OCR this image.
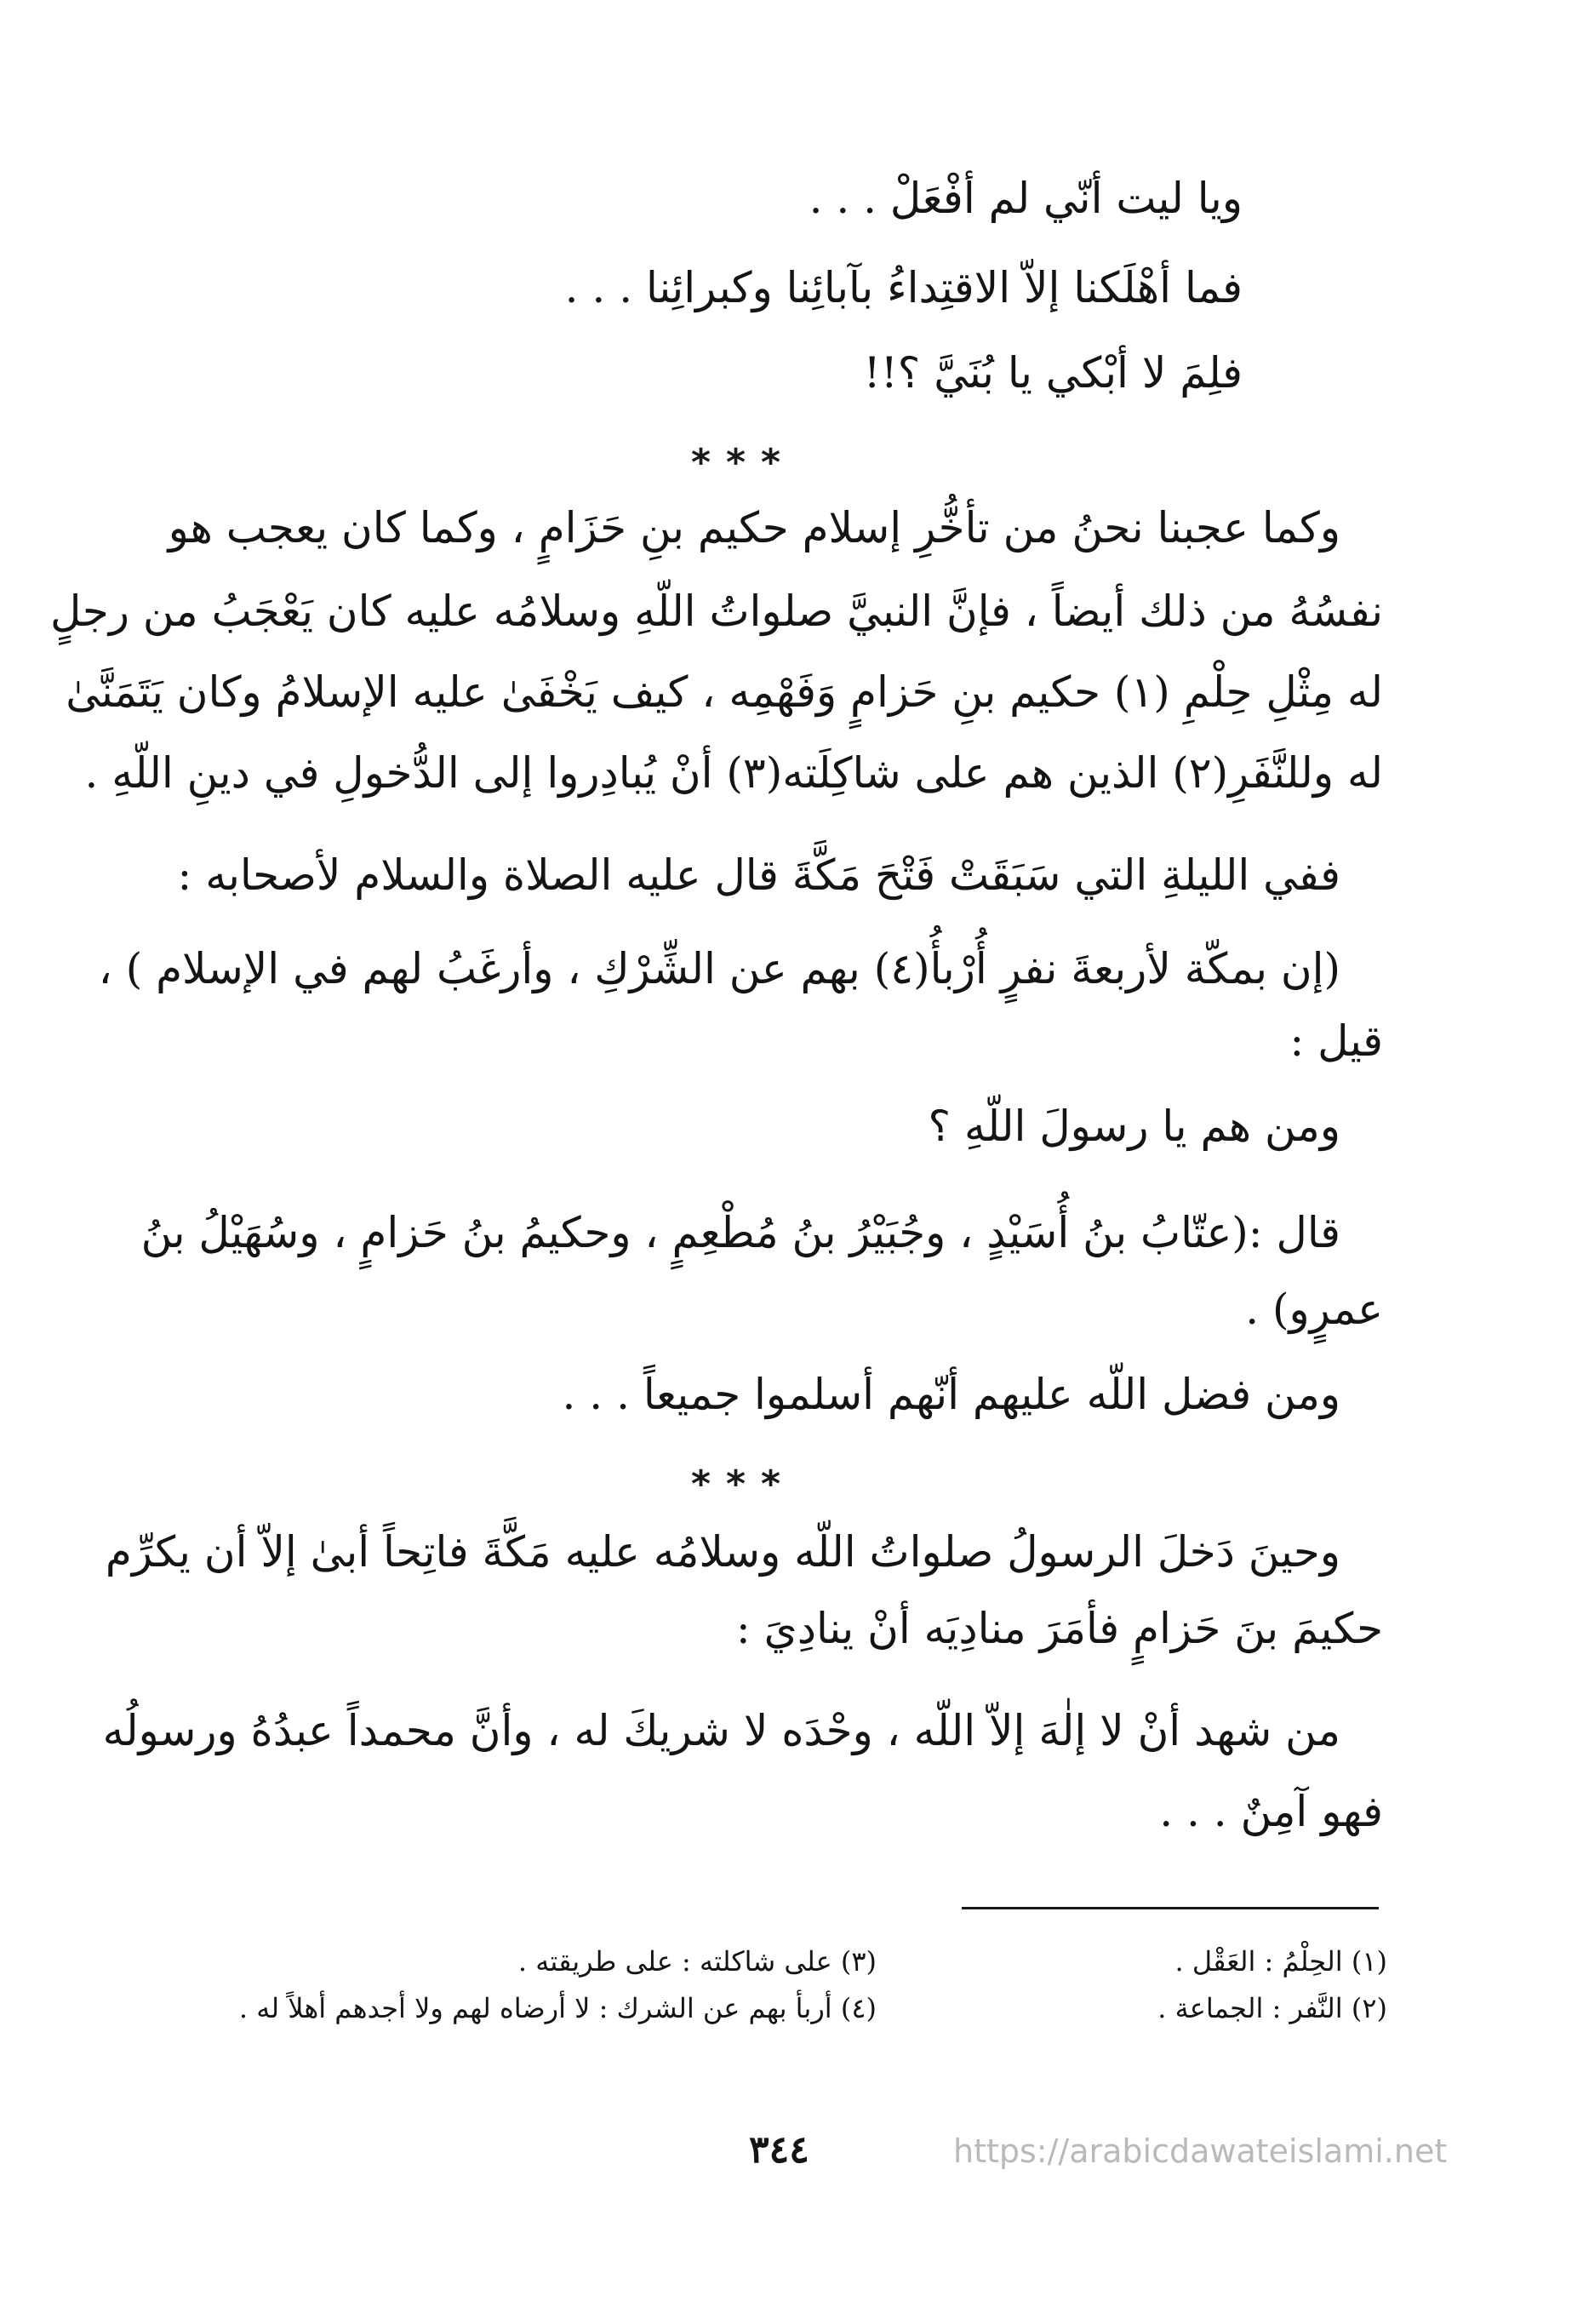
ويا ليت أنّي لم أفْعَلْ . . .
فما أهْلَكنا إلاّ الاقتِداءُ بآبائِنا وكبرائِنا . . .
فلِمَ لا أبْكي يا بُنَيَّ ؟!!
***
وكما عجبنا نحنُ من تأخُّرِ إسلام حكيم بنِ حَزَامٍ ، وكما كان يعجب هو
نفسُهُ من ذلك أيضاً ، فإنَّ النبيَّ صلواتُ اللّهِ وسلامُه عليه كان يَعْجَبُ من رجلٍ
له مِثْلِ حِلْمِ (١) حكيم بنِ حَزامٍ وَفَهْمِه ، كيف يَخْفَىٰ عليه الإسلامُ وكان يَتَمَنَّىٰ
له وللنَّفَرِ(٢) الذين هم على شاكِلَته(٣) أنْ يُبادِروا إلى الدُّخولِ في دينِ اللّهِ .
ففي الليلةِ التي سَبَقَتْ فَتْحَ مَكَّةَ قال عليه الصلاة والسلام لأصحابه :
(إن بمكّة لأربعةَ نفرٍ أُرْبأُ(٤) بهم عن الشِّرْكِ ، وأرغَبُ لهم في الإسلام ) ،
قيل :
ومن هم يا رسولَ اللّهِ ؟
قال :(عتّابُ بنُ أُسَيْدٍ ، وجُبَيْرُ بنُ مُطْعِمٍ ، وحكيمُ بنُ حَزامٍ ، وسُهَيْلُ بنُ
عمرٍو) .
ومن فضل اللّه عليهم أنّهم أسلموا جميعاً . . .
***
وحينَ دَخلَ الرسولُ صلواتُ اللّه وسلامُه عليه مَكَّةَ فاتِحاً أبىٰ إلاّ أن يكرِّم
حكيمَ بنَ حَزامٍ فأمَرَ منادِيَه أنْ ينادِيَ :
من شهد أنْ لا إلٰهَ إلاّ اللّه ، وحْدَه لا شريكَ له ، وأنَّ محمداً عبدُهُ ورسولُه
فهو آمِنٌ . . .
(١) الحِلْمُ : العَقْل .
(٢) النَّفر : الجماعة .
(٣) على شاكلته : على طريقته .
(٤) أربأ بهم عن الشرك : لا أرضاه لهم ولا أجدهم أهلاً له .
٣٤٤	https://arabicdawateislami.net
